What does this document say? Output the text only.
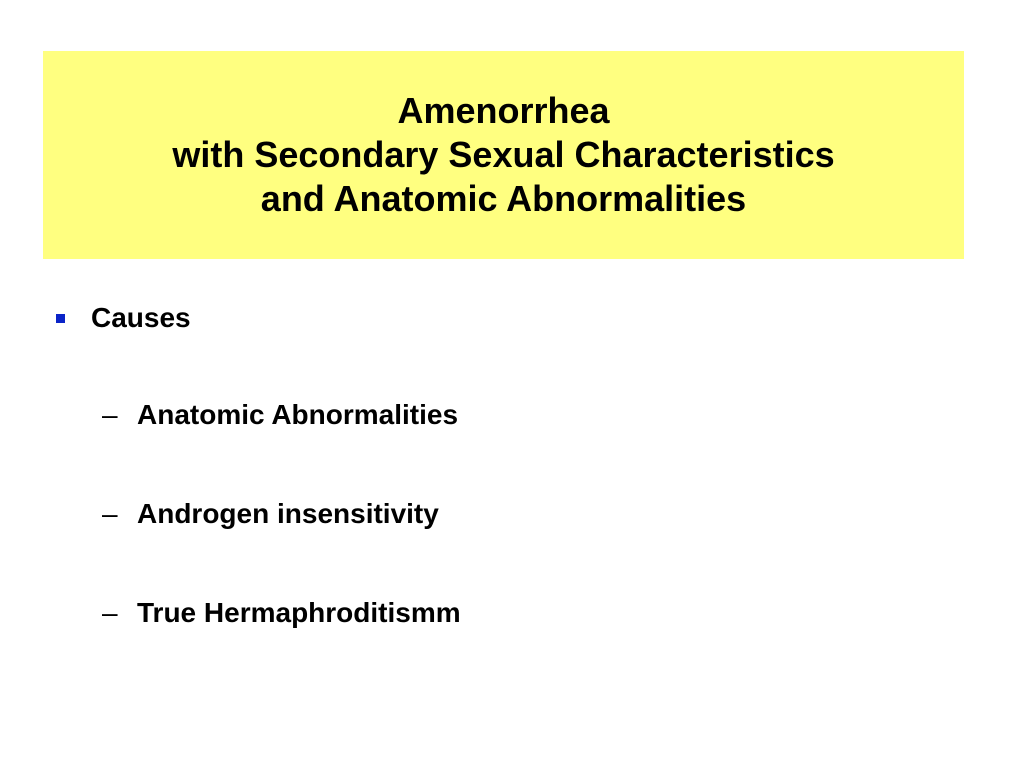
Amenorrhea
with Secondary Sexual Characteristics
and Anatomic Abnormalities
Causes
– Anatomic Abnormalities
– Androgen insensitivity
– True Hermaphroditismm
